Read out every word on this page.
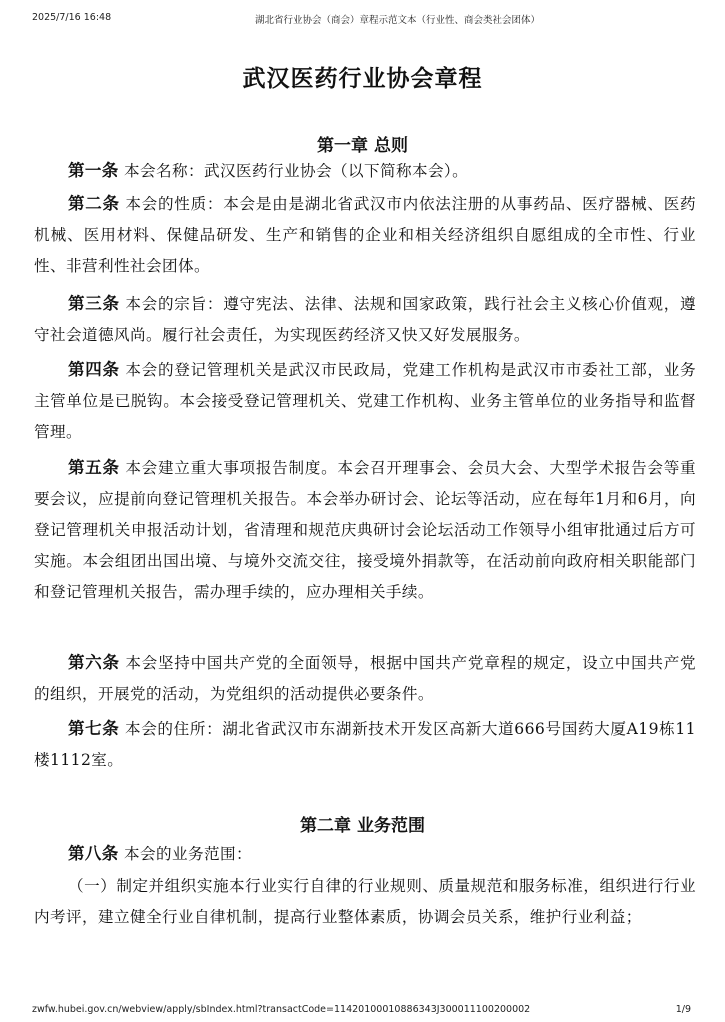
2025/7/16 16:48	湖北省行业协会（商会）章程示范文本（行业性、商会类社会团体）
武汉医药行业协会章程
第一章 总则
第一条 本会名称：武汉医药行业协会（以下简称本会）。
第二条 本会的性质：本会是由是湖北省武汉市内依法注册的从事药品、医疗器械、医药机械、医用材料、保健品研发、生产和销售的企业和相关经济组织自愿组成的全市性、行业性、非营利性社会团体。
第三条 本会的宗旨：遵守宪法、法律、法规和国家政策，践行社会主义核心价值观，遵守社会道德风尚。履行社会责任，为实现医药经济又快又好发展服务。
第四条 本会的登记管理机关是武汉市民政局，党建工作机构是武汉市市委社工部，业务主管单位是已脱钩。本会接受登记管理机关、党建工作机构、业务主管单位的业务指导和监督管理。
第五条 本会建立重大事项报告制度。本会召开理事会、会员大会、大型学术报告会等重要会议，应提前向登记管理机关报告。本会举办研讨会、论坛等活动，应在每年1月和6月，向登记管理机关申报活动计划，省清理和规范庆典研讨会论坛活动工作领导小组审批通过后方可实施。本会组团出国出境、与境外交流交往，接受境外捐款等，在活动前向政府相关职能部门和登记管理机关报告，需办理手续的，应办理相关手续。
第六条 本会坚持中国共产党的全面领导，根据中国共产党章程的规定，设立中国共产党的组织，开展党的活动，为党组织的活动提供必要条件。
第七条 本会的住所：湖北省武汉市东湖新技术开发区高新大道666号国药大厦A19栋11楼1112室。
第二章 业务范围
第八条 本会的业务范围：
（一）制定并组织实施本行业实行自律的行业规则、质量规范和服务标准，组织进行行业内考评，建立健全行业自律机制，提高行业整体素质，协调会员关系，维护行业利益；
zwfw.hubei.gov.cn/webview/apply/sbIndex.html?transactCode=11420100010886343J300011100200002	1/9
